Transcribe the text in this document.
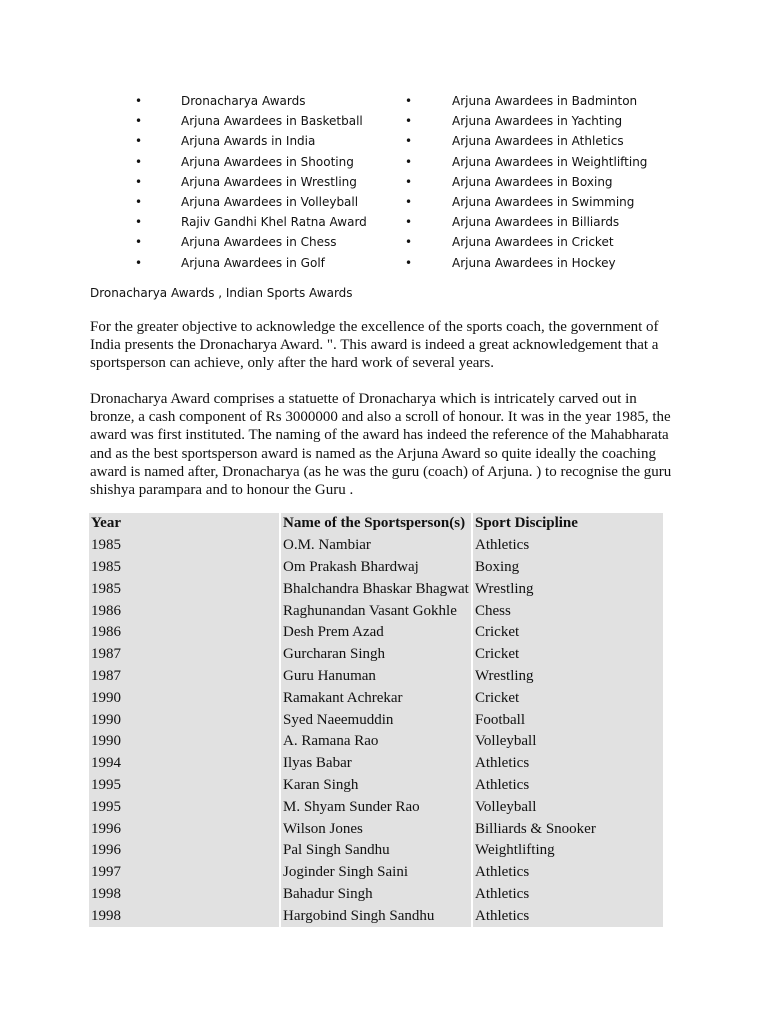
•	Dronacharya Awards
•	Arjuna Awardees in Basketball
•	Arjuna Awards in India
•	Arjuna Awardees in Shooting
•	Arjuna Awardees in Wrestling
•	Arjuna Awardees in Volleyball
•	Rajiv Gandhi Khel Ratna Award
•	Arjuna Awardees in Chess
•	Arjuna Awardees in Golf
•	Arjuna Awardees in Badminton
•	Arjuna Awardees in Yachting
•	Arjuna Awardees in Athletics
•	Arjuna Awardees in Weightlifting
•	Arjuna Awardees in Boxing
•	Arjuna Awardees in Swimming
•	Arjuna Awardees in Billiards
•	Arjuna Awardees in Cricket
•	Arjuna Awardees in Hockey
Dronacharya Awards , Indian Sports Awards

For the greater objective to acknowledge the excellence of the sports coach, the government of India presents the Dronacharya Award. ". This award is indeed a great acknowledgement that a sportsperson can achieve, only after the hard work of several years.

Dronacharya Award comprises a statuette of Dronacharya which is intricately carved out in bronze, a cash component of Rs 3000000 and also a scroll of honour. It was in the year 1985, the award was first instituted. The naming of the award has indeed the reference of the Mahabharata and as the best sportsperson award is named as the Arjuna Award so quite ideally the coaching award is named after, Dronacharya (as he was the guru (coach) of Arjuna. ) to recognise the guru shishya parampara and to honour the Guru .

Year	Name of the Sportsperson(s)	Sport Discipline
1985	O.M. Nambiar	Athletics
1985	Om Prakash Bhardwaj	Boxing
1985	Bhalchandra Bhaskar Bhagwat	Wrestling
1986	Raghunandan Vasant Gokhle	Chess
1986	Desh Prem Azad	Cricket
1987	Gurcharan Singh	Cricket
1987	Guru Hanuman	Wrestling
1990	Ramakant Achrekar	Cricket
1990	Syed Naeemuddin	Football
1990	A. Ramana Rao	Volleyball
1994	Ilyas Babar	Athletics
1995	Karan Singh	Athletics
1995	M. Shyam Sunder Rao	Volleyball
1996	Wilson Jones	Billiards & Snooker
1996	Pal Singh Sandhu	Weightlifting
1997	Joginder Singh Saini	Athletics
1998	Bahadur Singh	Athletics
1998	Hargobind Singh Sandhu	Athletics
